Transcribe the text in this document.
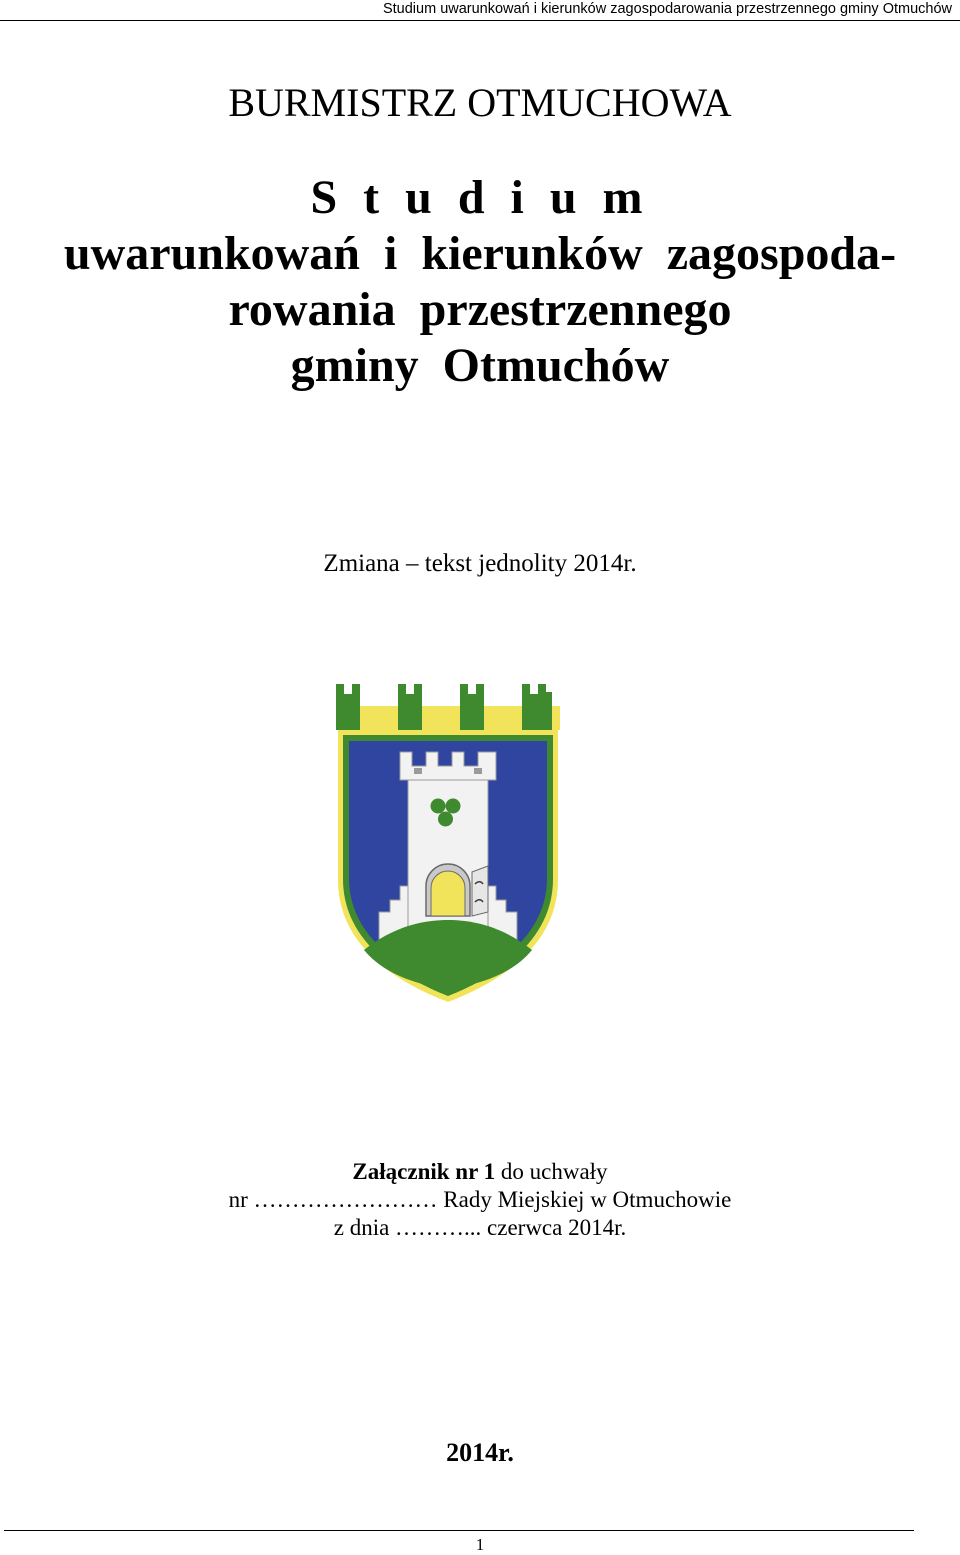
Studium uwarunkowań i kierunków zagospodarowania przestrzennego gminy Otmuchów
BURMISTRZ OTMUCHOWA
S t u d i u m
uwarunkowań i kierunków zagospoda-
rowania przestrzennego
gminy Otmuchów
Zmiana – tekst jednolity 2014r.
Załącznik nr 1 do uchwały
nr …………………… Rady Miejskiej w Otmuchowie
z dnia ………... czerwca 2014r.
2014r.
1
